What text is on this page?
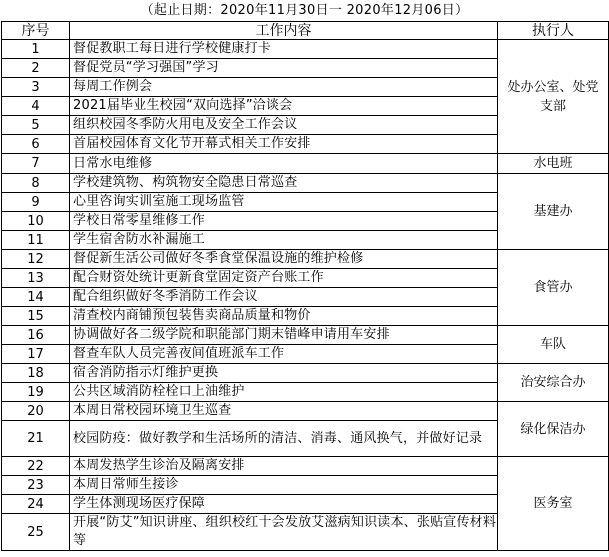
（起止日期：2020年11月30日一 2020年12月06日）
序号	工作内容	执行人
1	督促教职工每日进行学校健康打卡	处办公室、处党支部
2	督促党员“学习强国”学习	
3	每周工作例会	
4	2021届毕业生校园“双向选择”洽谈会	
5	组织校园冬季防火用电及安全工作会议	
6	首届校园体育文化节开幕式相关工作安排	
7	日常水电维修	水电班
8	学校建筑物、构筑物安全隐患日常巡查	基建办
9	心里咨询实训室施工现场监管	
10	学校日常零星维修工作	
11	学生宿舍防水补漏施工	
12	督促新生活公司做好冬季食堂保温设施的维护检修	食管办
13	配合财资处统计更新食堂固定资产台账工作	
14	配合组织做好冬季消防工作会议	
15	清查校内商铺预包装售卖商品质量和物价	
16	协调做好各二级学院和职能部门期末错峰申请用车安排	车队
17	督查车队人员完善夜间值班派车工作	
18	宿舍消防指示灯维护更换	治安综合办
19	公共区域消防栓栓口上油维护	
20	本周日常校园环境卫生巡查	绿化保洁办
21	校园防疫：做好教学和生活场所的清洁、消毒、通风换气，并做好记录	
22	本周发热学生诊治及隔离安排	医务室
23	本周日常师生接诊	
24	学生体测现场医疗保障	
25	开展“防艾”知识讲座、组织校红十会发放艾滋病知识读本、张贴宣传材料等	
